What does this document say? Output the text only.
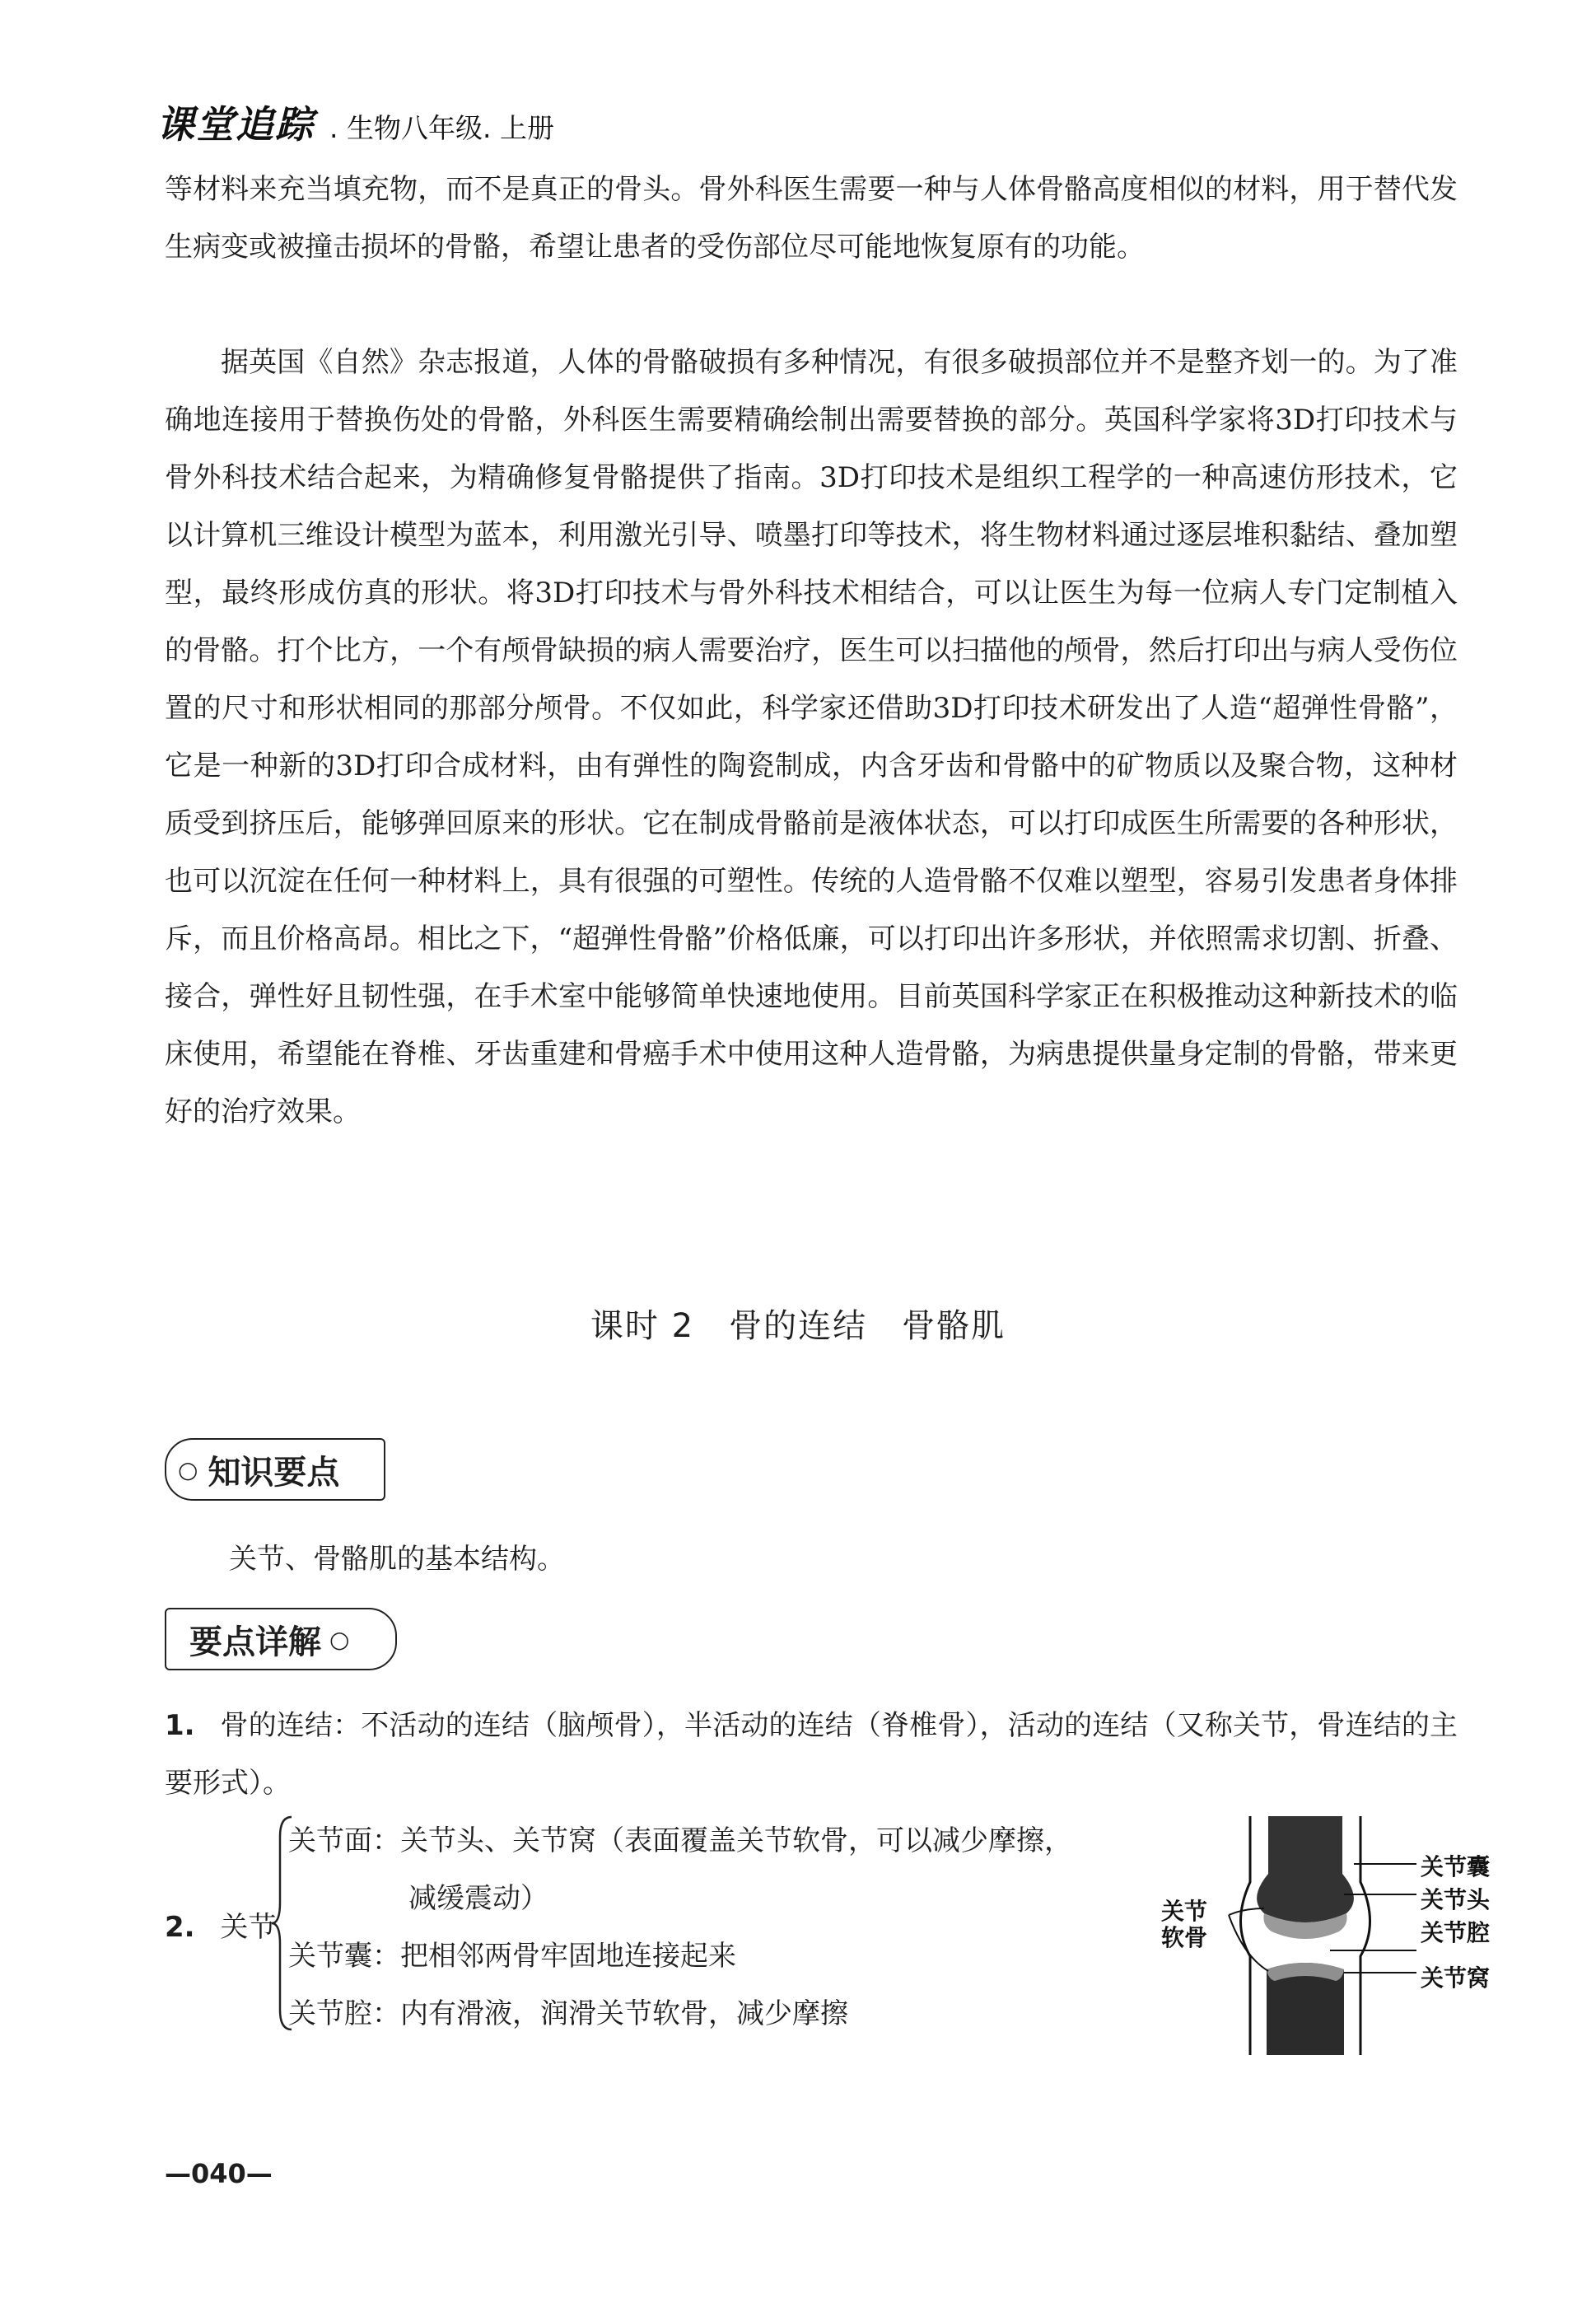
课堂追踪 . 生物八年级. 上册
等材料来充当填充物，而不是真正的骨头。骨外科医生需要一种与人体骨骼高度相似的材料，用于替代发生病变或被撞击损坏的骨骼，希望让患者的受伤部位尽可能地恢复原有的功能。
据英国《自然》杂志报道，人体的骨骼破损有多种情况，有很多破损部位并不是整齐划一的。为了准确地连接用于替换伤处的骨骼，外科医生需要精确绘制出需要替换的部分。英国科学家将3D打印技术与骨外科技术结合起来，为精确修复骨骼提供了指南。3D打印技术是组织工程学的一种高速仿形技术，它以计算机三维设计模型为蓝本，利用激光引导、喷墨打印等技术，将生物材料通过逐层堆积黏结、叠加塑型，最终形成仿真的形状。将3D打印技术与骨外科技术相结合，可以让医生为每一位病人专门定制植入的骨骼。打个比方，一个有颅骨缺损的病人需要治疗，医生可以扫描他的颅骨，然后打印出与病人受伤位置的尺寸和形状相同的那部分颅骨。不仅如此，科学家还借助3D打印技术研发出了人造“超弹性骨骼”，它是一种新的3D打印合成材料，由有弹性的陶瓷制成，内含牙齿和骨骼中的矿物质以及聚合物，这种材质受到挤压后，能够弹回原来的形状。它在制成骨骼前是液体状态，可以打印成医生所需要的各种形状，也可以沉淀在任何一种材料上，具有很强的可塑性。传统的人造骨骼不仅难以塑型，容易引发患者身体排斥，而且价格高昂。相比之下，“超弹性骨骼”价格低廉，可以打印出许多形状，并依照需求切割、折叠、接合，弹性好且韧性强，在手术室中能够简单快速地使用。目前英国科学家正在积极推动这种新技术的临床使用，希望能在脊椎、牙齿重建和骨癌手术中使用这种人造骨骼，为病患提供量身定制的骨骼，带来更好的治疗效果。
课时 2　骨的连结　骨骼肌
○ 知识要点
关节、骨骼肌的基本结构。
要点详解 ○
1. 骨的连结：不活动的连结（脑颅骨），半活动的连结（脊椎骨），活动的连结（又称关节，骨连结的主要形式）。
2. 关节
关节面：关节头、关节窝（表面覆盖关节软骨，可以减少摩擦，
减缓震动）
关节囊：把相邻两骨牢固地连接起来
关节腔：内有滑液，润滑关节软骨，减少摩擦
关节囊
关节头
关节腔
关节窝
关节
软骨
—040—
